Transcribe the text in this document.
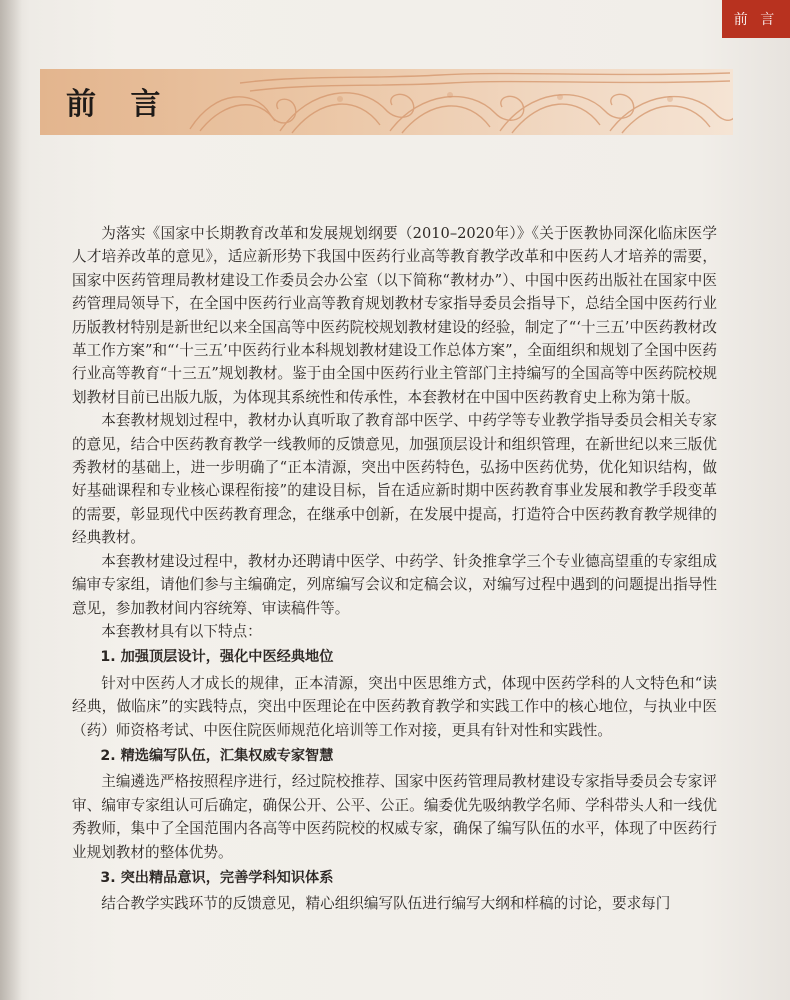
前 言
前 言

为落实《国家中长期教育改革和发展规划纲要（2010–2020年）》《关于医教协同深化临床医学人才培养改革的意见》，适应新形势下我国中医药行业高等教育教学改革和中医药人才培养的需要，国家中医药管理局教材建设工作委员会办公室（以下简称“教材办”）、中国中医药出版社在国家中医药管理局领导下，在全国中医药行业高等教育规划教材专家指导委员会指导下，总结全国中医药行业历版教材特别是新世纪以来全国高等中医药院校规划教材建设的经验，制定了“‘十三五’中医药教材改革工作方案”和“‘十三五’中医药行业本科规划教材建设工作总体方案”，全面组织和规划了全国中医药行业高等教育“十三五”规划教材。鉴于由全国中医药行业主管部门主持编写的全国高等中医药院校规划教材目前已出版九版，为体现其系统性和传承性，本套教材在中国中医药教育史上称为第十版。

本套教材规划过程中，教材办认真听取了教育部中医学、中药学等专业教学指导委员会相关专家的意见，结合中医药教育教学一线教师的反馈意见，加强顶层设计和组织管理，在新世纪以来三版优秀教材的基础上，进一步明确了“正本清源，突出中医药特色，弘扬中医药优势，优化知识结构，做好基础课程和专业核心课程衔接”的建设目标，旨在适应新时期中医药教育事业发展和教学手段变革的需要，彰显现代中医药教育理念，在继承中创新，在发展中提高，打造符合中医药教育教学规律的经典教材。

本套教材建设过程中，教材办还聘请中医学、中药学、针灸推拿学三个专业德高望重的专家组成编审专家组，请他们参与主编确定，列席编写会议和定稿会议，对编写过程中遇到的问题提出指导性意见，参加教材间内容统筹、审读稿件等。

本套教材具有以下特点：

1. 加强顶层设计，强化中医经典地位

针对中医药人才成长的规律，正本清源，突出中医思维方式，体现中医药学科的人文特色和“读经典，做临床”的实践特点，突出中医理论在中医药教育教学和实践工作中的核心地位，与执业中医（药）师资格考试、中医住院医师规范化培训等工作对接，更具有针对性和实践性。

2. 精选编写队伍，汇集权威专家智慧

主编遴选严格按照程序进行，经过院校推荐、国家中医药管理局教材建设专家指导委员会专家评审、编审专家组认可后确定，确保公开、公平、公正。编委优先吸纳教学名师、学科带头人和一线优秀教师，集中了全国范围内各高等中医药院校的权威专家，确保了编写队伍的水平，体现了中医药行业规划教材的整体优势。

3. 突出精品意识，完善学科知识体系

结合教学实践环节的反馈意见，精心组织编写队伍进行编写大纲和样稿的讨论，要求每门
